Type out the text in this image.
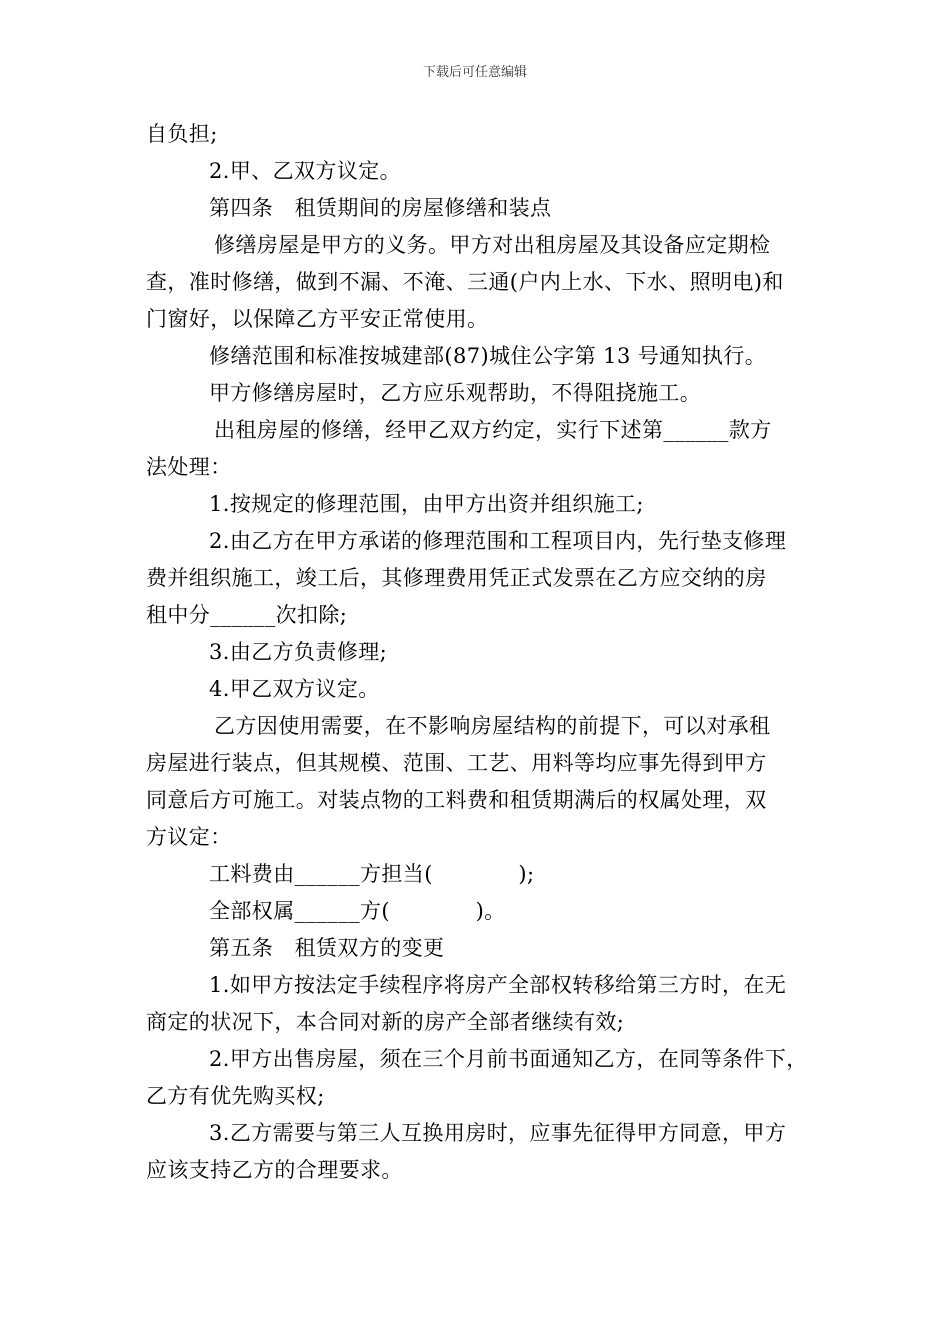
下载后可任意编辑
自负担;
2.甲、乙双方议定。
第四条　租赁期间的房屋修缮和装点
修缮房屋是甲方的义务。甲方对出租房屋及其设备应定期检
查，准时修缮，做到不漏、不淹、三通(户内上水、下水、照明电)和
门窗好，以保障乙方平安正常使用。
修缮范围和标准按城建部(87)城住公字第 13 号通知执行。
甲方修缮房屋时，乙方应乐观帮助，不得阻挠施工。
出租房屋的修缮，经甲乙双方约定，实行下述第______款方
法处理：
1.按规定的修理范围，由甲方出资并组织施工;
2.由乙方在甲方承诺的修理范围和工程项目内，先行垫支修理
费并组织施工，竣工后，其修理费用凭正式发票在乙方应交纳的房
租中分______次扣除;
3.由乙方负责修理;
4.甲乙双方议定。
乙方因使用需要，在不影响房屋结构的前提下，可以对承租
房屋进行装点，但其规模、范围、工艺、用料等均应事先得到甲方
同意后方可施工。对装点物的工料费和租赁期满后的权属处理，双
方议定：
工料费由______方担当(　　　　);
全部权属______方(　　　　)。
第五条　租赁双方的变更
1.如甲方按法定手续程序将房产全部权转移给第三方时，在无
商定的状况下，本合同对新的房产全部者继续有效;
2.甲方出售房屋，须在三个月前书面通知乙方，在同等条件下，
乙方有优先购买权;
3.乙方需要与第三人互换用房时，应事先征得甲方同意，甲方
应该支持乙方的合理要求。
